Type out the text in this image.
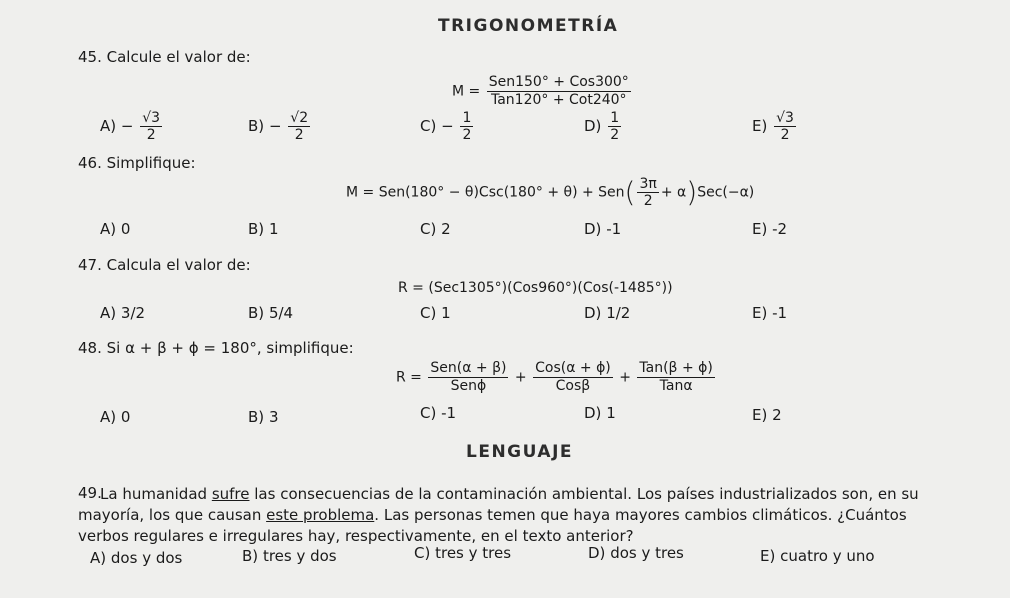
TRIGONOMETRÍA
45. Calcule el valor de:
$M = \frac{\text{Sen150° + Cos300°}}{\text{Tan120° + Cot240°}}$
$A) - \frac{√3}{2}$	$B) - \frac{√2}{2}$	$C) - \frac{1}{2}$	$D) \frac{1}{2}$	$E) \frac{√3}{2}$
46. Simplifique:
$M = Sen(180^\circ - \theta)Csc(180^\circ + \theta) + Sen( \frac{3\pi}{2} + \alpha)Sec(-\alpha)$
A) 0	B) 1	C) 2	D) -1	E) -2
47. Calcula el valor de:
R = (Sec1305°)(Cos960°)(Cos(-1485°))
A) 3/2	B) 5/4	C) 1	D) 1/2	E) -1
48. Si α + β + ϕ = 180°, simplifique:
$R = \frac{\text{Sen(α + β)}}{\text{Senϕ}} + \frac{\text{Cos(α + ϕ)}}{\text{Cosβ}} + \frac{\text{Tan(β + ϕ)}}{\text{Tanα}}$
A) 0	B) 3	C) -1	D) 1	E) 2
LENGUAJE
49.
La humanidad sufre las consecuencias de la contaminación ambiental. Los países industrializados son, en su mayoría, los que causan este problema. Las personas temen que haya mayores cambios climáticos. ¿Cuántos verbos regulares e irregulares hay, respectivamente, en el texto anterior?
A) dos y dos	B) tres y dos	C) tres y tres	D) dos y tres	E) cuatro y uno
